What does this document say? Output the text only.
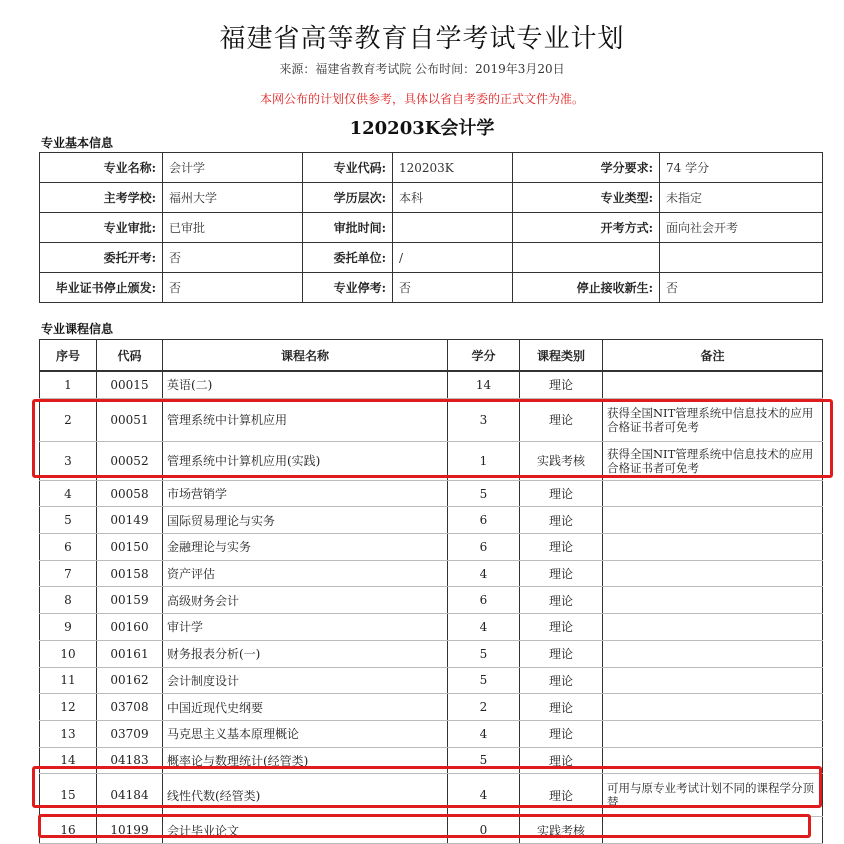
福建省高等教育自学考试专业计划
来源：福建省教育考试院 公布时间：2019年3月20日
本网公布的计划仅供参考，具体以省自考委的正式文件为准。
120203K会计学
专业基本信息
专业名称:	会计学	专业代码:	120203K	学分要求:	74 学分
主考学校:	福州大学	学历层次:	本科	专业类型:	未指定
专业审批:	已审批	审批时间:		开考方式:	面向社会开考
委托开考:	否	委托单位:	/		
毕业证书停止颁发:	否	专业停考:	否	停止接收新生:	否
专业课程信息
序号	代码	课程名称	学分	课程类别	备注
1	00015	英语(二)	14	理论	
2	00051	管理系统中计算机应用	3	理论	获得全国NIT管理系统中信息技术的应用合格证书者可免考
3	00052	管理系统中计算机应用(实践)	1	实践考核	获得全国NIT管理系统中信息技术的应用合格证书者可免考
4	00058	市场营销学	5	理论	
5	00149	国际贸易理论与实务	6	理论	
6	00150	金融理论与实务	6	理论	
7	00158	资产评估	4	理论	
8	00159	高级财务会计	6	理论	
9	00160	审计学	4	理论	
10	00161	财务报表分析(一)	5	理论	
11	00162	会计制度设计	5	理论	
12	03708	中国近现代史纲要	2	理论	
13	03709	马克思主义基本原理概论	4	理论	
14	04183	概率论与数理统计(经管类)	5	理论	
15	04184	线性代数(经管类)	4	理论	可用与原专业考试计划不同的课程学分顶替
16	10199	会计毕业论文	0	实践考核	
